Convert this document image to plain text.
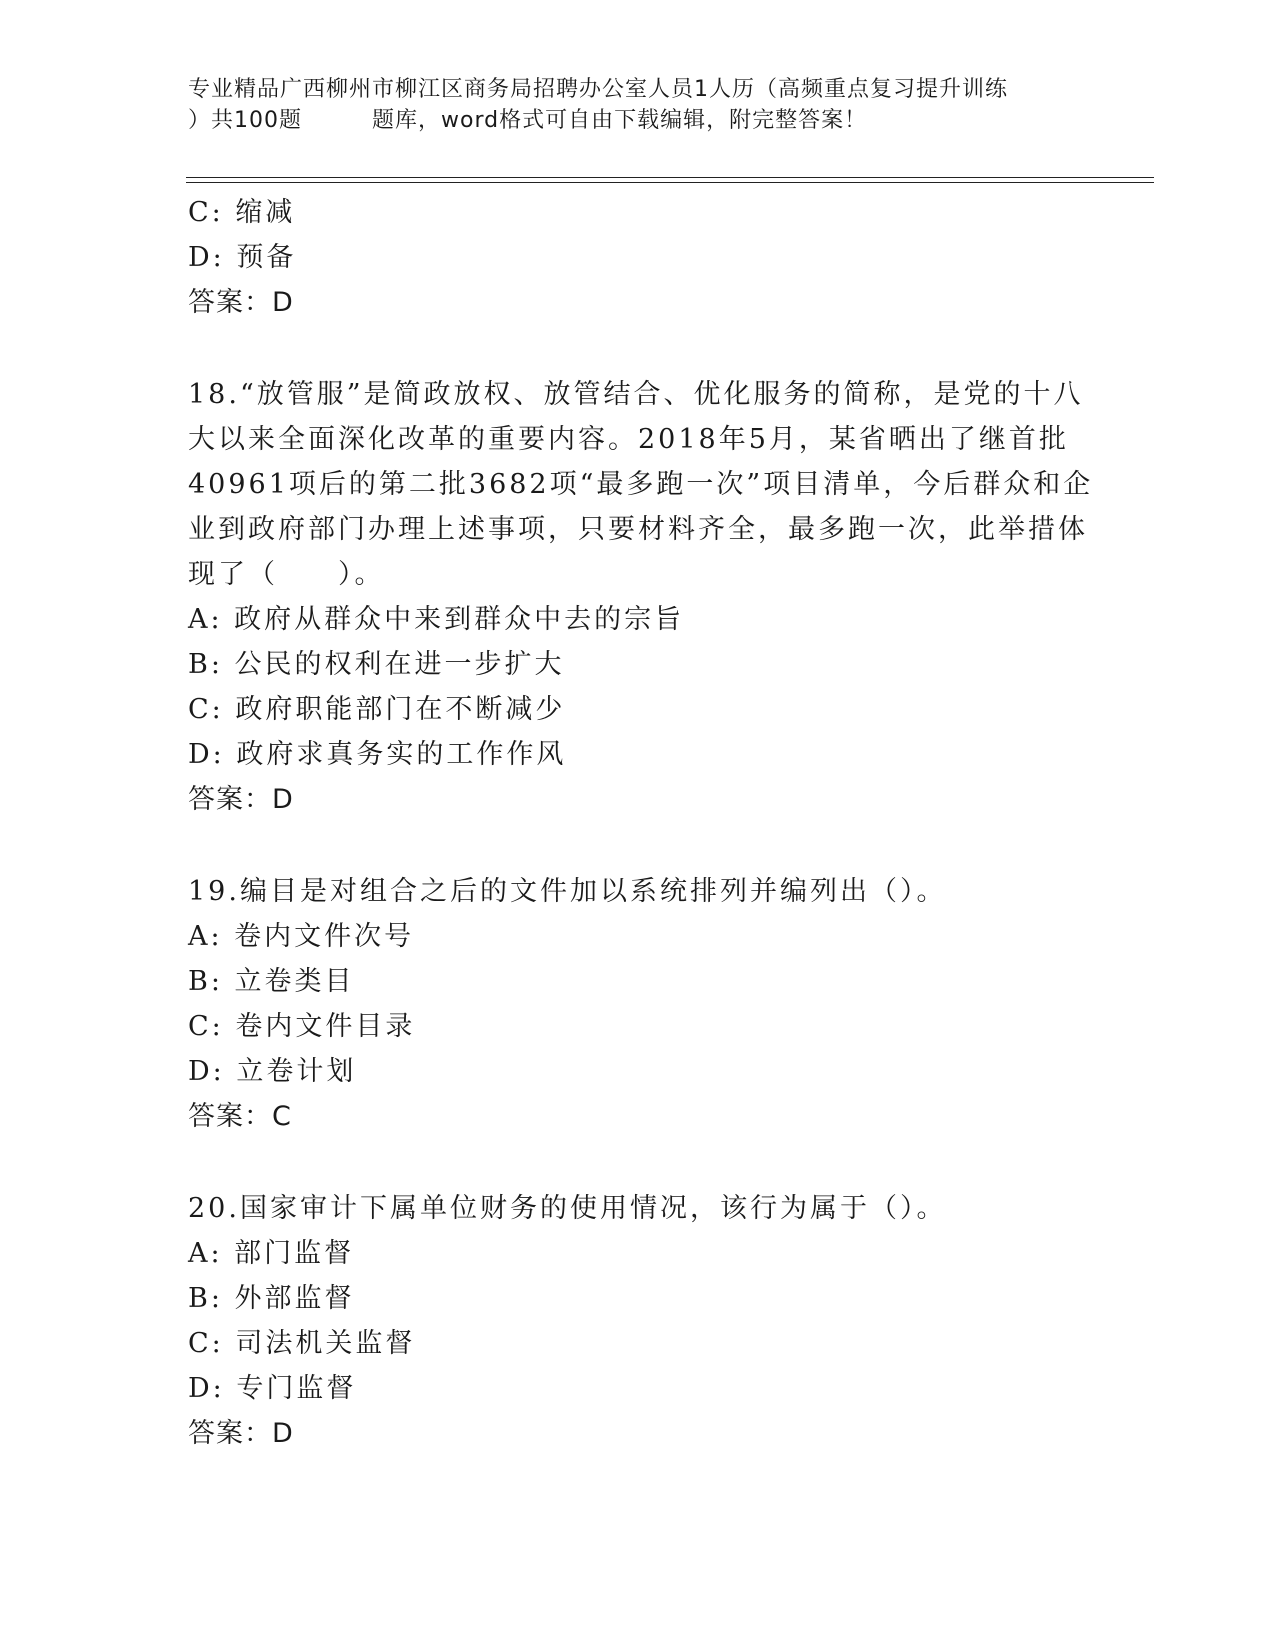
专业精品广西柳州市柳江区商务局招聘办公室人员1人历（高频重点复习提升训练
）共100题	题库，word格式可自由下载编辑，附完整答案！
C: 缩减
D: 预备
答案：D
18.“放管服”是简政放权、放管结合、优化服务的简称，是党的十八
大以来全面深化改革的重要内容。2018年5月，某省晒出了继首批
40961项后的第二批3682项“最多跑一次”项目清单，今后群众和企
业到政府部门办理上述事项，只要材料齐全，最多跑一次，此举措体
现了（　　）。
A: 政府从群众中来到群众中去的宗旨
B: 公民的权利在进一步扩大
C: 政府职能部门在不断减少
D: 政府求真务实的工作作风
答案：D
19.编目是对组合之后的文件加以系统排列并编列出（）。
A: 卷内文件次号
B: 立卷类目
C: 卷内文件目录
D: 立卷计划
答案：C
20.国家审计下属单位财务的使用情况，该行为属于（）。
A: 部门监督
B: 外部监督
C: 司法机关监督
D: 专门监督
答案：D
